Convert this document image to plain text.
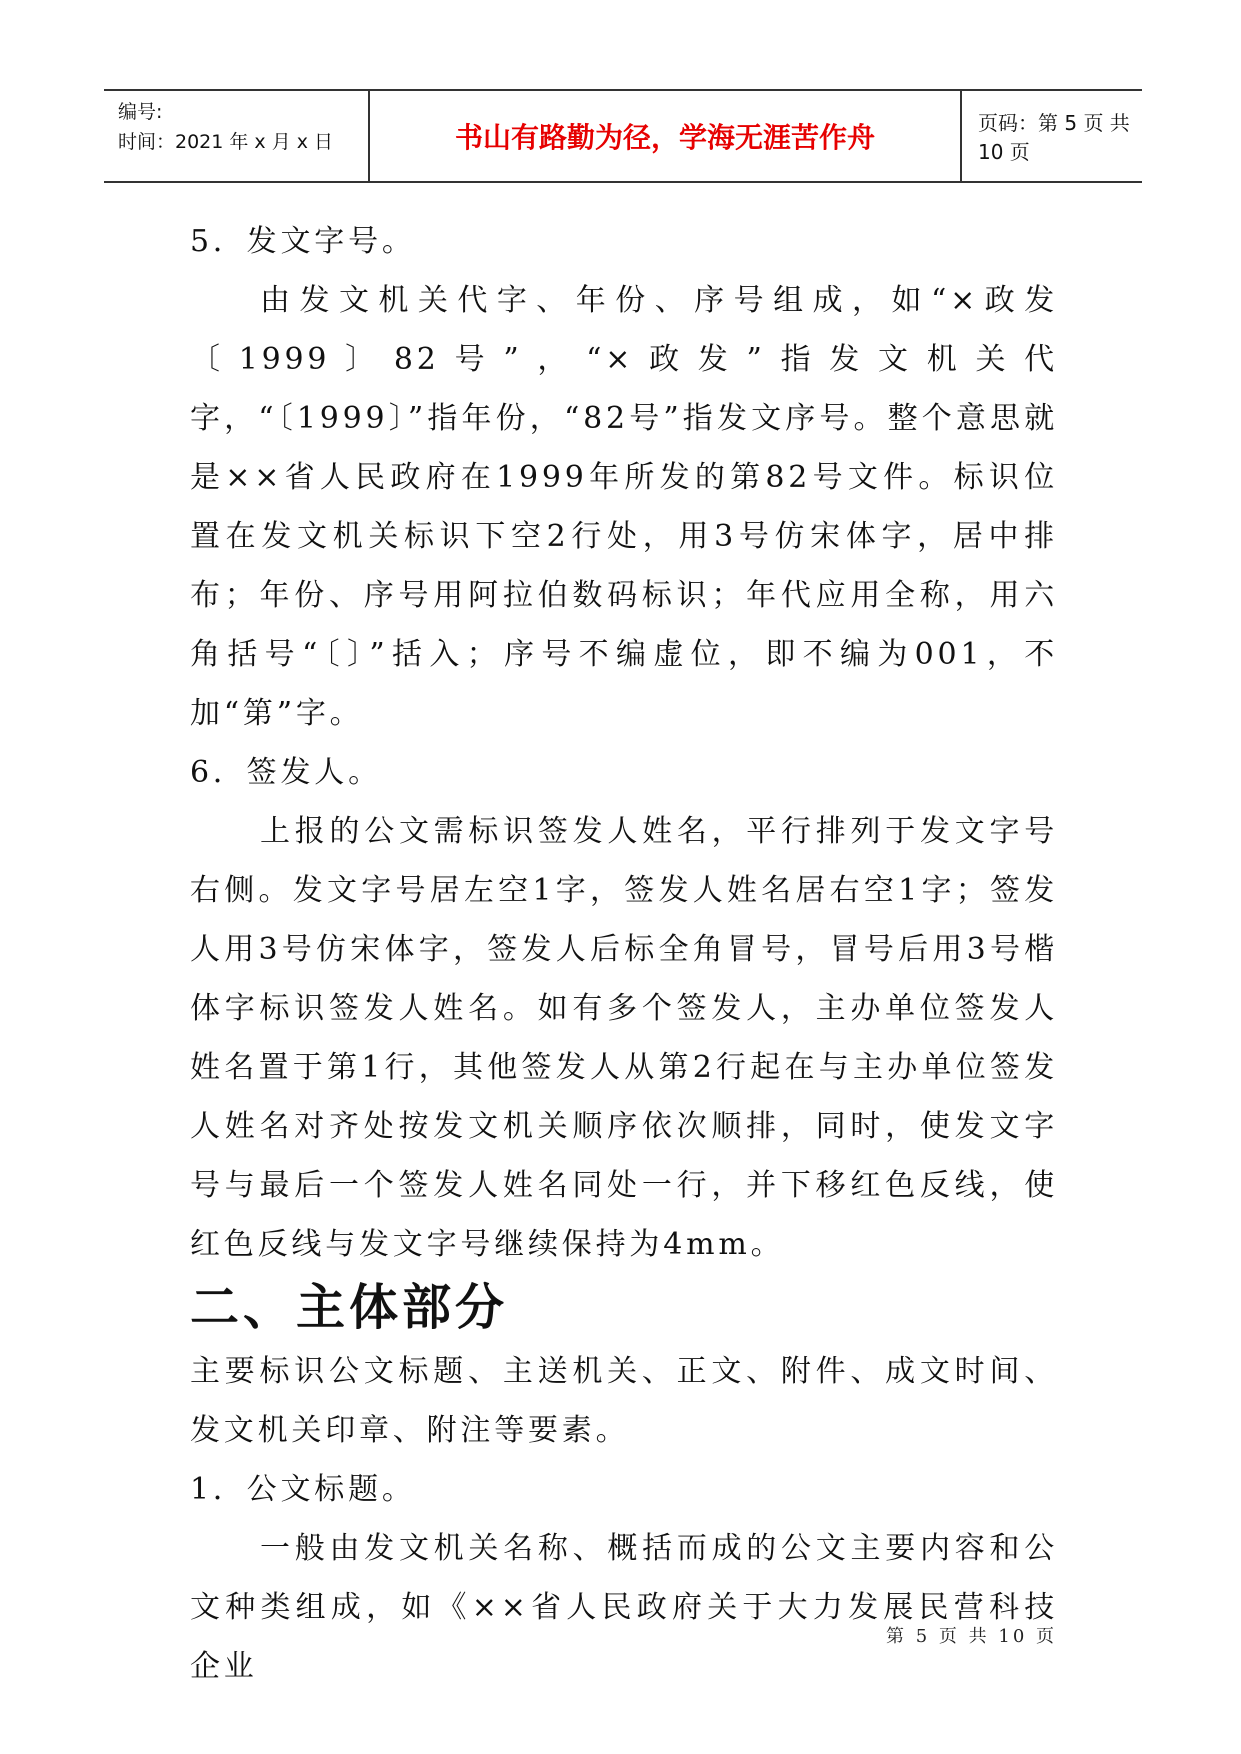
编号:
时间：2021 年 x 月 x 日	书山有路勤为径，学海无涯苦作舟	页码：第 5 页 共 10 页

5．发文字号。

由发文机关代字、年份、序号组成，如“×政发〔1999〕82号”，“×政发”指发文机关代字，“〔1999〕”指年份，“82号”指发文序号。整个意思就是××省人民政府在1999年所发的第82号文件。标识位置在发文机关标识下空2行处，用3号仿宋体字，居中排布；年份、序号用阿拉伯数码标识；年代应用全称，用六角括号“〔〕”括入；序号不编虚位，即不编为001，不加“第”字。

6．签发人。

上报的公文需标识签发人姓名，平行排列于发文字号右侧。发文字号居左空1字，签发人姓名居右空1字；签发人用3号仿宋体字，签发人后标全角冒号，冒号后用3号楷体字标识签发人姓名。如有多个签发人，主办单位签发人姓名置于第1行，其他签发人从第2行起在与主办单位签发人姓名对齐处按发文机关顺序依次顺排，同时，使发文字号与最后一个签发人姓名同处一行，并下移红色反线，使红色反线与发文字号继续保持为4mm。

二、主体部分

主要标识公文标题、主送机关、正文、附件、成文时间、发文机关印章、附注等要素。

1．公文标题。

一般由发文机关名称、概括而成的公文主要内容和公文种类组成，如《××省人民政府关于大力发展民营科技企业

第 5 页 共 10 页
